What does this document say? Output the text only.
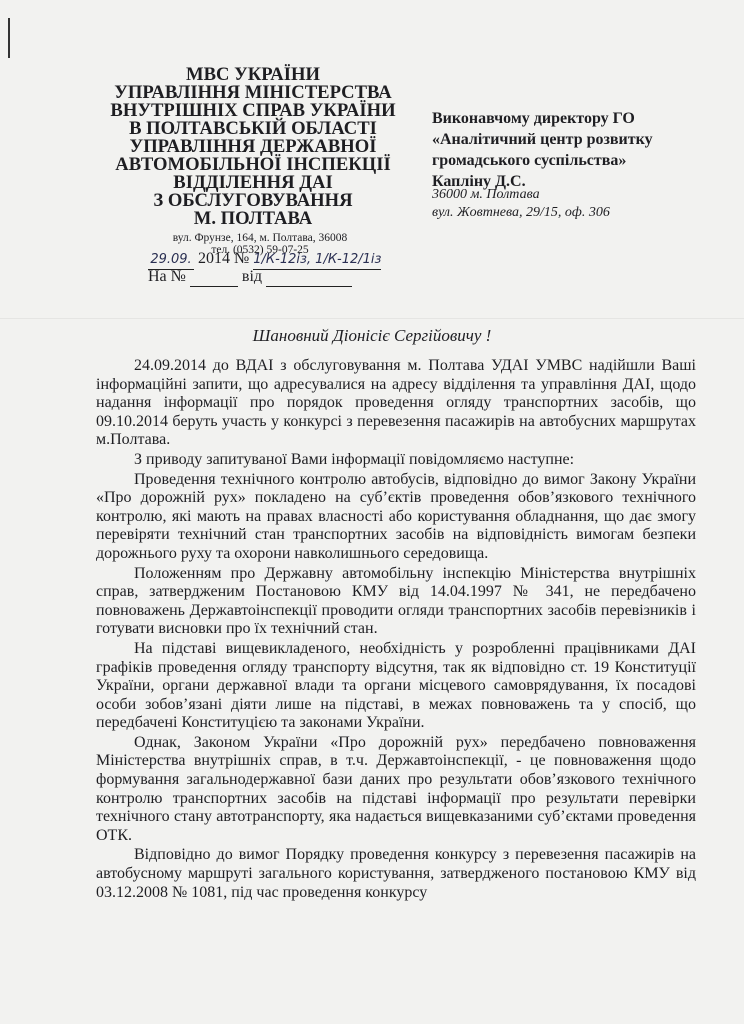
МВС УКРАЇНИ
УПРАВЛІННЯ МІНІСТЕРСТВА
ВНУТРІШНІХ СПРАВ УКРАЇНИ
В ПОЛТАВСЬКІЙ ОБЛАСТІ
УПРАВЛІННЯ ДЕРЖАВНОЇ
АВТОМОБІЛЬНОЇ ІНСПЕКЦІЇ
ВІДДІЛЕННЯ ДАІ
З ОБСЛУГОВУВАННЯ
М. ПОЛТАВА
вул. Фрунзе, 164, м. Полтава, 36008
тел. (0532) 59-07-25
29.09. 2014 № 1/К-12із, 1/К-12/1із
На №	від
Виконавчому директору ГО
«Аналітичний центр розвитку
громадського суспільства»
Капліну Д.С.
36000 м. Полтава
вул. Жовтнева, 29/15, оф. 306
Шановний Діонісіє Сергійовичу !

24.09.2014 до ВДАІ з обслуговування м. Полтава УДАІ УМВС надійшли Ваші інформаційні запити, що адресувалися на адресу відділення та управління ДАІ, щодо надання інформації про порядок проведення огляду транспортних засобів, що 09.10.2014 беруть участь у конкурсі з перевезення пасажирів на автобусних маршрутах м.Полтава.

З приводу запитуваної Вами інформації повідомляємо наступне:

Проведення технічного контролю автобусів, відповідно до вимог Закону України «Про дорожній рух» покладено на суб’єктів проведення обов’язкового технічного контролю, які мають на правах власності або користування обладнання, що дає змогу перевіряти технічний стан транспортних засобів на відповідність вимогам безпеки дорожнього руху та охорони навколишнього середовища.

Положенням про Державну автомобільну інспекцію Міністерства внутрішніх справ, затвердженим Постановою КМУ від 14.04.1997 № 341, не передбачено повноважень Державтоінспекції проводити огляди транспортних засобів перевізників і готувати висновки про їх технічний стан.

На підставі вищевикладеного, необхідність у розробленні працівниками ДАІ графіків проведення огляду транспорту відсутня, так як відповідно ст. 19 Конституції України, органи державної влади та органи місцевого самоврядування, їх посадові особи зобов’язані діяти лише на підставі, в межах повноважень та у спосіб, що передбачені Конституцією та законами України.

Однак, Законом України «Про дорожній рух» передбачено повноваження Міністерства внутрішніх справ, в т.ч. Державтоінспекції, - це повноваження щодо формування загальнодержавної бази даних про результати обов’язкового технічного контролю транспортних засобів на підставі інформації про результати перевірки технічного стану автотранспорту, яка надається вищевказаними суб’єктами проведення ОТК.

Відповідно до вимог Порядку проведення конкурсу з перевезення пасажирів на автобусному маршруті загального користування, затвердженого постановою КМУ від 03.12.2008 № 1081, під час проведення конкурсу
